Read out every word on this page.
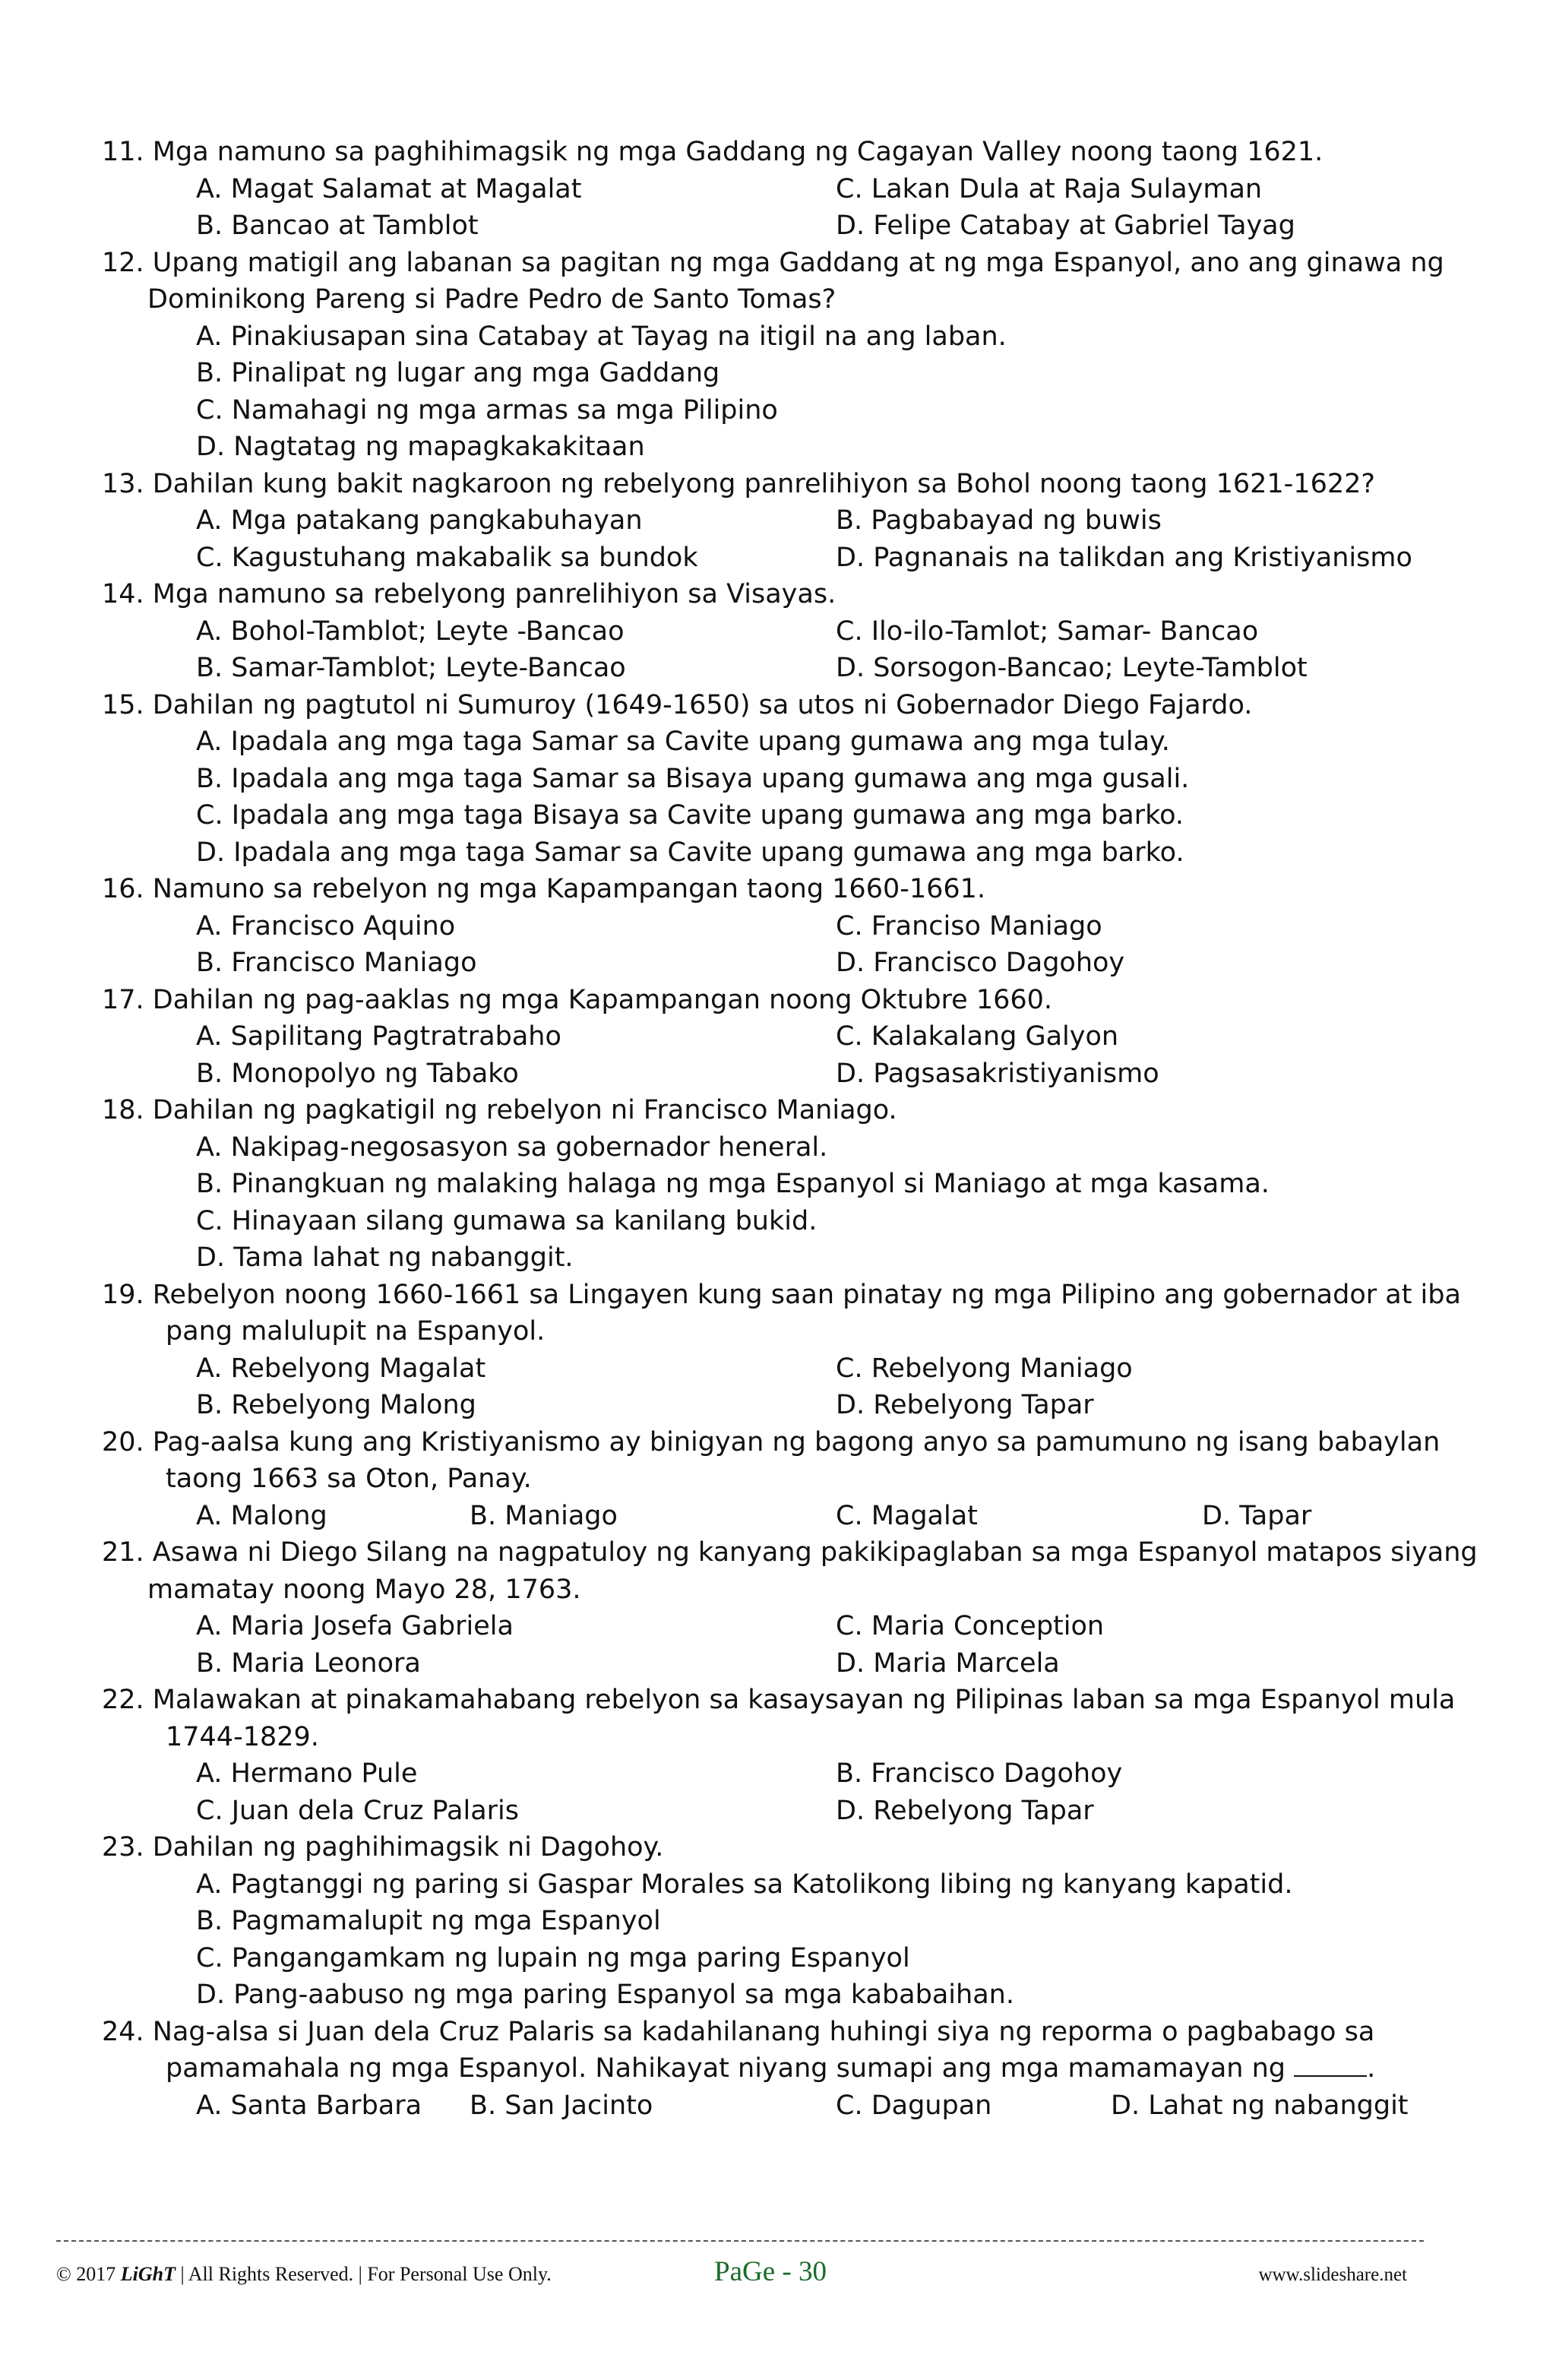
11. Mga namuno sa paghihimagsik ng mga Gaddang ng Cagayan Valley noong taong 1621.
A. Magat Salamat at Magalat	C. Lakan Dula at Raja Sulayman
B. Bancao at Tamblot	D. Felipe Catabay at Gabriel Tayag
12. Upang matigil ang labanan sa pagitan ng mga Gaddang at ng mga Espanyol, ano ang ginawa ng
Dominikong Pareng si Padre Pedro de Santo Tomas?
A. Pinakiusapan sina Catabay at Tayag na itigil na ang laban.
B. Pinalipat ng lugar ang mga Gaddang
C. Namahagi ng mga armas sa mga Pilipino
D. Nagtatag ng mapagkakakitaan
13. Dahilan kung bakit nagkaroon ng rebelyong panrelihiyon sa Bohol noong taong 1621-1622?
A. Mga patakang pangkabuhayan	B. Pagbabayad ng buwis
C. Kagustuhang makabalik sa bundok	D. Pagnanais na talikdan ang Kristiyanismo
14. Mga namuno sa rebelyong panrelihiyon sa Visayas.
A. Bohol-Tamblot; Leyte -Bancao	C. Ilo-ilo-Tamlot; Samar- Bancao
B. Samar-Tamblot; Leyte-Bancao	D. Sorsogon-Bancao; Leyte-Tamblot
15. Dahilan ng pagtutol ni Sumuroy (1649-1650) sa utos ni Gobernador Diego Fajardo.
A. Ipadala ang mga taga Samar sa Cavite upang gumawa ang mga tulay.
B. Ipadala ang mga taga Samar sa Bisaya upang gumawa ang mga gusali.
C. Ipadala ang mga taga Bisaya sa Cavite upang gumawa ang mga barko.
D. Ipadala ang mga taga Samar sa Cavite upang gumawa ang mga barko.
16. Namuno sa rebelyon ng mga Kapampangan taong 1660-1661.
A. Francisco Aquino	C. Franciso Maniago
B. Francisco Maniago	D. Francisco Dagohoy
17. Dahilan ng pag-aaklas ng mga Kapampangan noong Oktubre 1660.
A. Sapilitang Pagtratrabaho	C. Kalakalang Galyon
B. Monopolyo ng Tabako	D. Pagsasakristiyanismo
18. Dahilan ng pagkatigil ng rebelyon ni Francisco Maniago.
A. Nakipag-negosasyon sa gobernador heneral.
B. Pinangkuan ng malaking halaga ng mga Espanyol si Maniago at mga kasama.
C. Hinayaan silang gumawa sa kanilang bukid.
D. Tama lahat ng nabanggit.
19. Rebelyon noong 1660-1661 sa Lingayen kung saan pinatay ng mga Pilipino ang gobernador at iba
pang malulupit na Espanyol.
A. Rebelyong Magalat	C. Rebelyong Maniago
B. Rebelyong Malong	D. Rebelyong Tapar
20. Pag-aalsa kung ang Kristiyanismo ay binigyan ng bagong anyo sa pamumuno ng isang babaylan
taong 1663 sa Oton, Panay.
A. Malong	B. Maniago	C. Magalat	D. Tapar
21. Asawa ni Diego Silang na nagpatuloy ng kanyang pakikipaglaban sa mga Espanyol matapos siyang
mamatay noong Mayo 28, 1763.
A. Maria Josefa Gabriela	C. Maria Conception
B. Maria Leonora	D. Maria Marcela
22. Malawakan at pinakamahabang rebelyon sa kasaysayan ng Pilipinas laban sa mga Espanyol mula
1744-1829.
A. Hermano Pule	B. Francisco Dagohoy
C. Juan dela Cruz Palaris	D. Rebelyong Tapar
23. Dahilan ng paghihimagsik ni Dagohoy.
A. Pagtanggi ng paring si Gaspar Morales sa Katolikong libing ng kanyang kapatid.
B. Pagmamalupit ng mga Espanyol
C. Pangangamkam ng lupain ng mga paring Espanyol
D. Pang-aabuso ng mga paring Espanyol sa mga kababaihan.
24. Nag-alsa si Juan dela Cruz Palaris sa kadahilanang huhingi siya ng reporma o pagbabago sa
pamamahala ng mga Espanyol. Nahikayat niyang sumapi ang mga mamamayan ng	.
A. Santa Barbara B. San Jacinto	C. Dagupan	D. Lahat ng nabanggit
© 2017 LiGhT | All Rights Reserved. | For Personal Use Only.	PaGe - 30	www.slideshare.net
